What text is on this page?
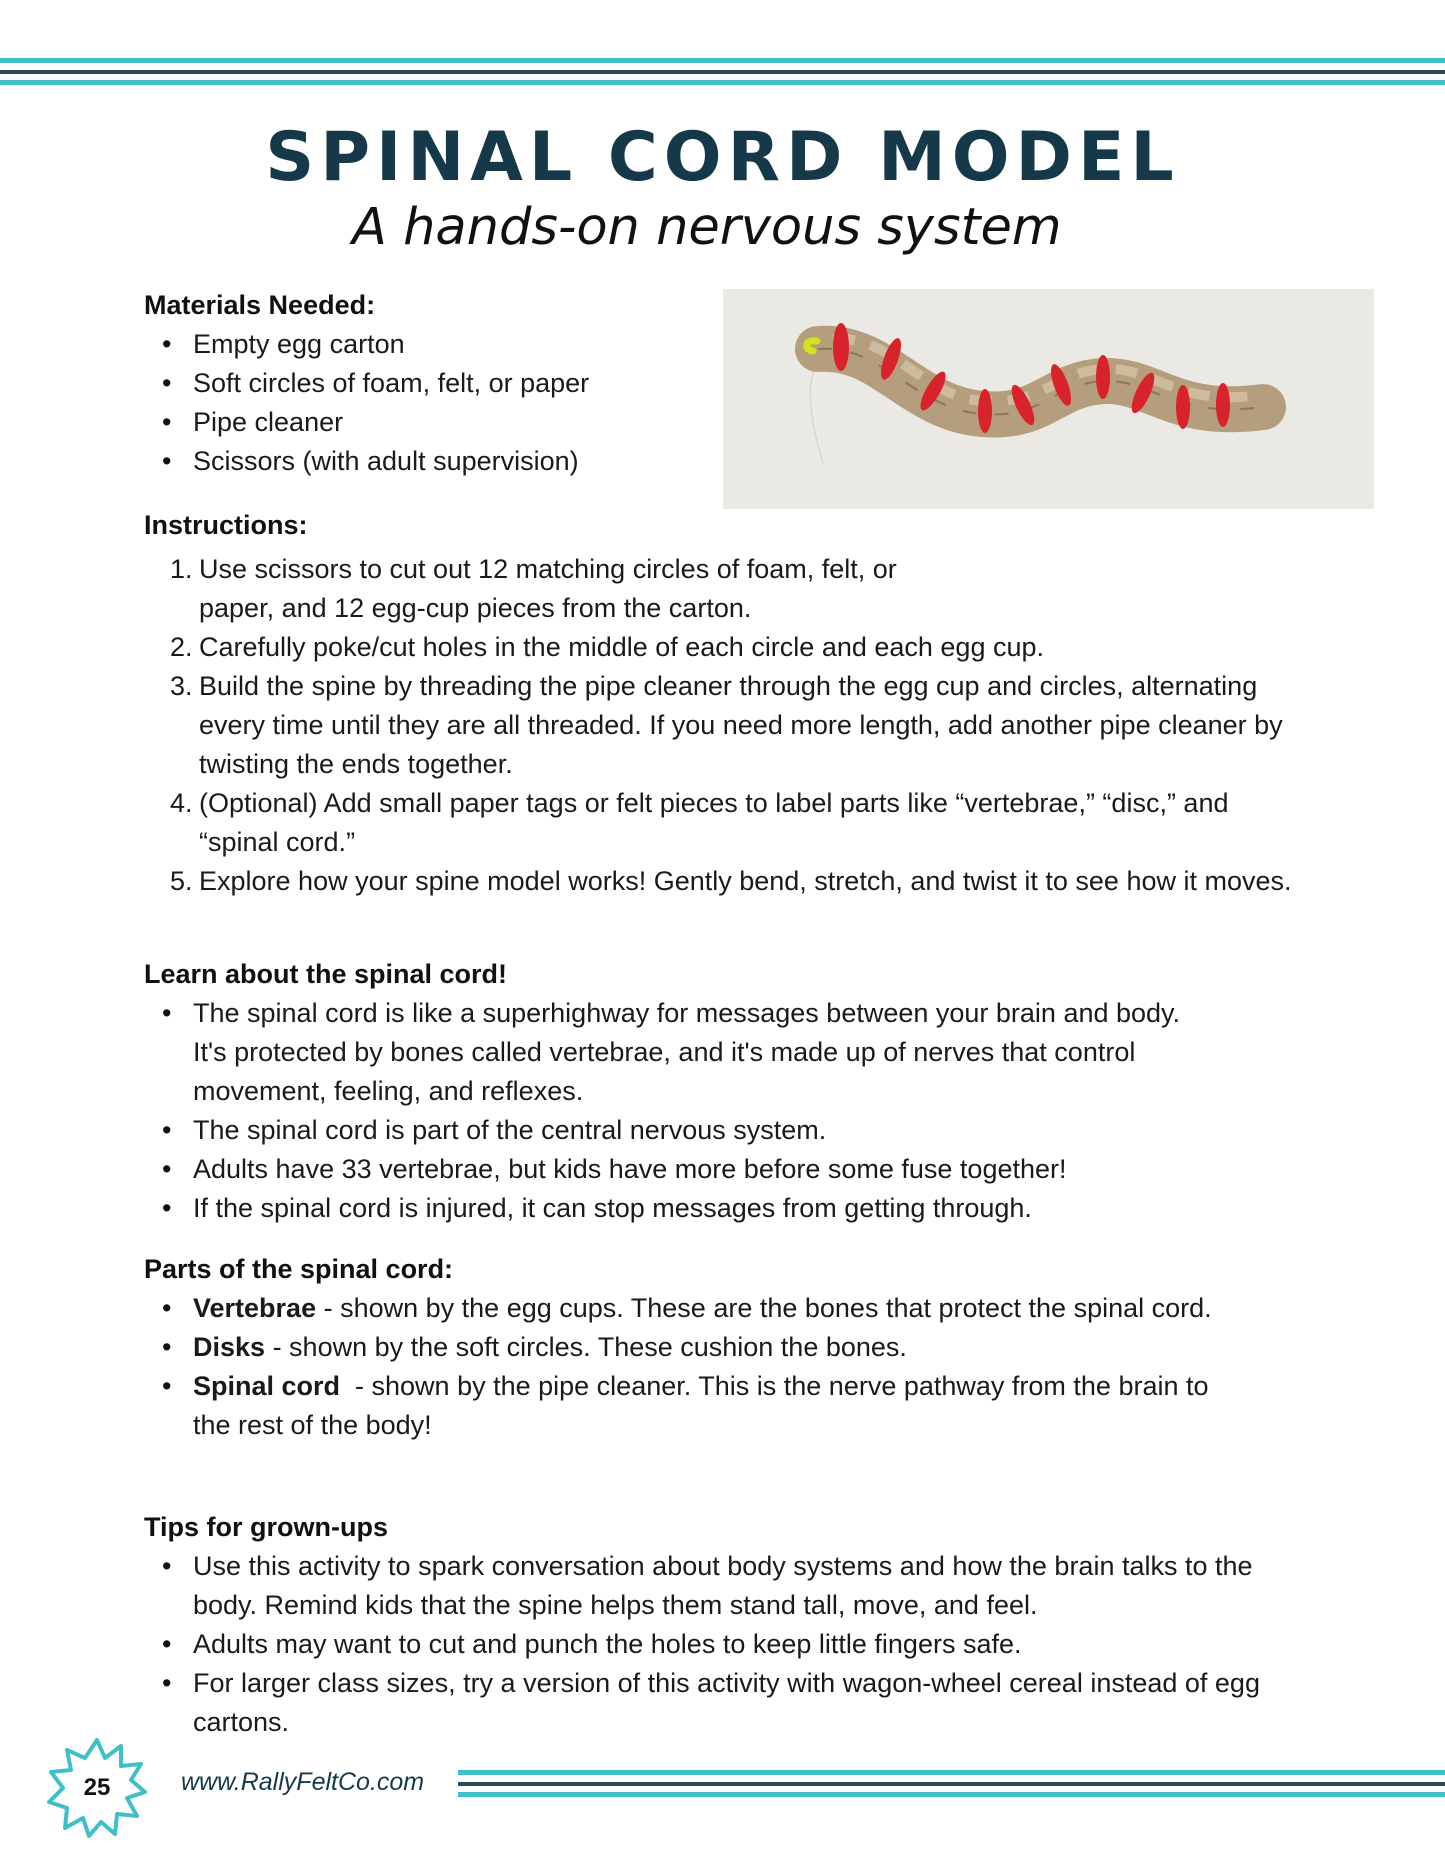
SPINAL CORD MODEL
A hands-on nervous system

Materials Needed:

• Empty egg carton
• Soft circles of foam, felt, or paper
• Pipe cleaner
• Scissors (with adult supervision)

Instructions:

1. Use scissors to cut out 12 matching circles of foam, felt, or paper, and 12 egg-cup pieces from the carton.
2. Carefully poke/cut holes in the middle of each circle and each egg cup.
3. Build the spine by threading the pipe cleaner through the egg cup and circles, alternating every time until they are all threaded. If you need more length, add another pipe cleaner by twisting the ends together.
4. (Optional) Add small paper tags or felt pieces to label parts like “vertebrae,” “disc,” and “spinal cord.”
5. Explore how your spine model works! Gently bend, stretch, and twist it to see how it moves.

Learn about the spinal cord!

• The spinal cord is like a superhighway for messages between your brain and body. It's protected by bones called vertebrae, and it's made up of nerves that control movement, feeling, and reflexes.
• The spinal cord is part of the central nervous system.
• Adults have 33 vertebrae, but kids have more before some fuse together!
• If the spinal cord is injured, it can stop messages from getting through.

Parts of the spinal cord:

• Vertebrae - shown by the egg cups. These are the bones that protect the spinal cord.
• Disks - shown by the soft circles. These cushion the bones.
• Spinal cord  - shown by the pipe cleaner. This is the nerve pathway from the brain to the rest of the body!

Tips for grown-ups

• Use this activity to spark conversation about body systems and how the brain talks to the body. Remind kids that the spine helps them stand tall, move, and feel.
• Adults may want to cut and punch the holes to keep little fingers safe.
• For larger class sizes, try a version of this activity with wagon-wheel cereal instead of egg cartons.
25	www.RallyFeltCo.com
